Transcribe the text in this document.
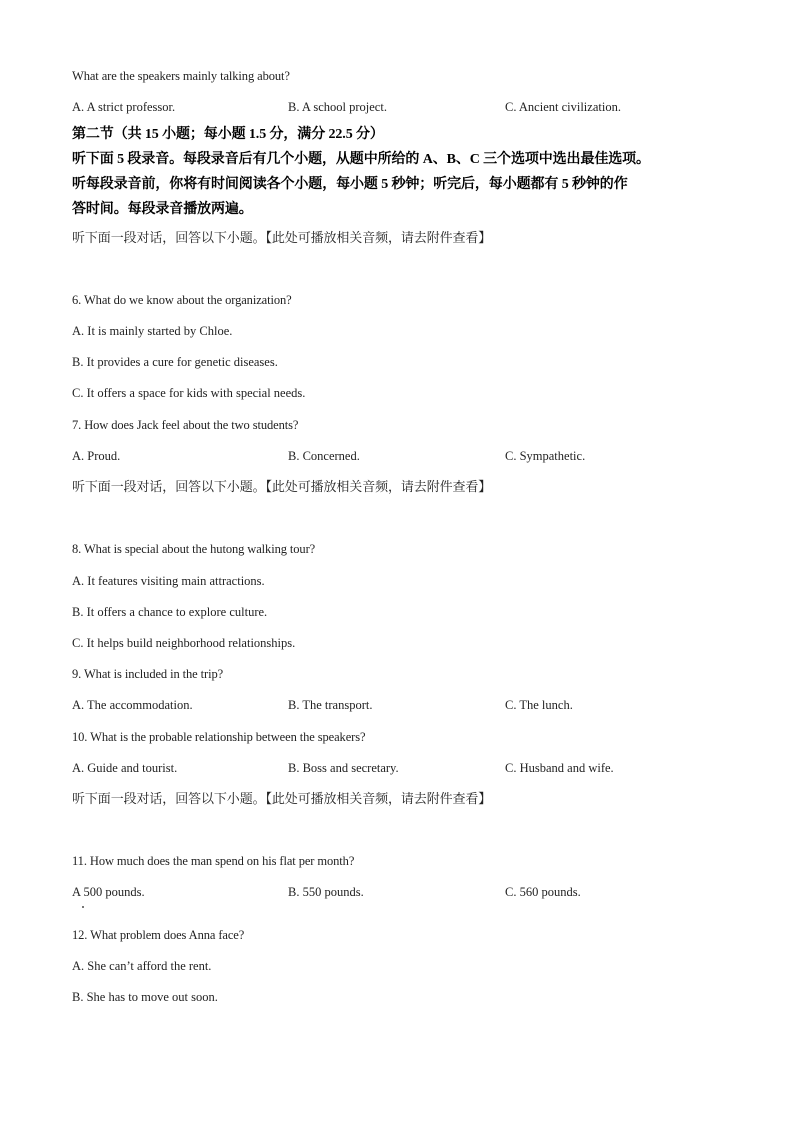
What are the speakers mainly talking about?
A. A strict professor.	B. A school project.	C. Ancient civilization.
第二节（共 15 小题；每小题 1.5 分，满分 22.5 分）
听下面 5 段录音。每段录音后有几个小题，从题中所给的 A、B、C 三个选项中选出最佳选项。
听每段录音前，你将有时间阅读各个小题，每小题 5 秒钟；听完后，每小题都有 5 秒钟的作
答时间。每段录音播放两遍。
听下面一段对话，回答以下小题。【此处可播放相关音频，请去附件查看】
6. What do we know about the organization?
A. It is mainly started by Chloe.
B. It provides a cure for genetic diseases.
C. It offers a space for kids with special needs.
7. How does Jack feel about the two students?
A. Proud.	B. Concerned.	C. Sympathetic.
听下面一段对话，回答以下小题。【此处可播放相关音频，请去附件查看】
8. What is special about the hutong walking tour?
A. It features visiting main attractions.
B. It offers a chance to explore culture.
C. It helps build neighborhood relationships.
9. What is included in the trip?
A. The accommodation.	B. The transport.	C. The lunch.
10. What is the probable relationship between the speakers?
A. Guide and tourist.	B. Boss and secretary.	C. Husband and wife.
听下面一段对话，回答以下小题。【此处可播放相关音频，请去附件查看】
11. How much does the man spend on his flat per month?
A 500 pounds.	B. 550 pounds.	C. 560 pounds.
12. What problem does Anna face?
A. She can’t afford the rent.
B. She has to move out soon.
